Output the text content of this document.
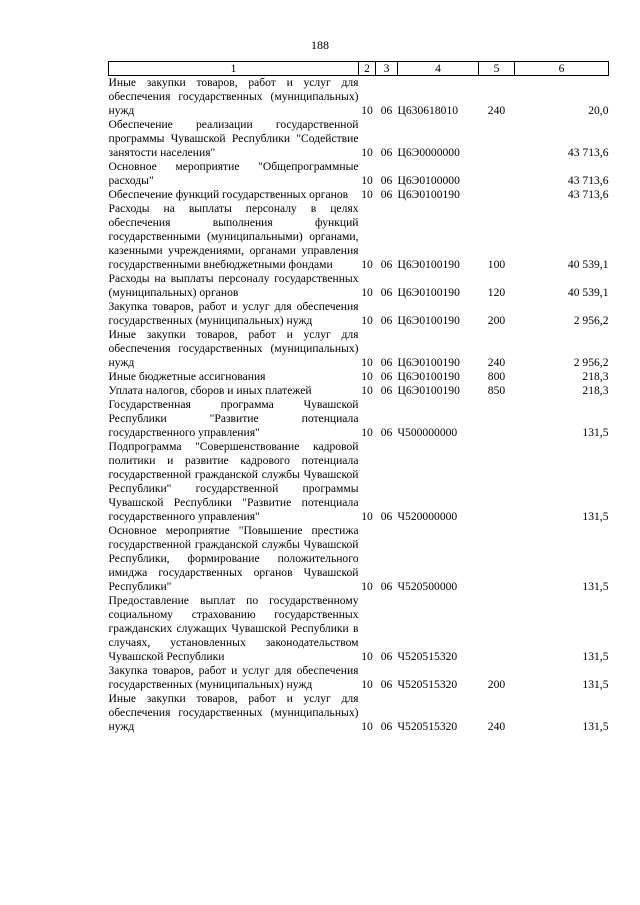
188
1	2	3	4	5	6
Иные закупки товаров, работ и услуг для обеспечения государственных (муниципальных) нужд	10	06	Ц630618010	240	20,0
Обеспечение реализации государственной программы Чувашской Республики "Содействие занятости населения"	10	06	Ц6Э0000000		43 713,6
Основное мероприятие "Общепрограммные расходы"	10	06	Ц6Э0100000		43 713,6
Обеспечение функций государственных органов	10	06	Ц6Э0100190		43 713,6
Расходы на выплаты персоналу в целях обеспечения выполнения функций государственными (муниципальными) органами, казенными учреждениями, органами управления государственными внебюджетными фондами	10	06	Ц6Э0100190	100	40 539,1
Расходы на выплаты персоналу государственных (муниципальных) органов	10	06	Ц6Э0100190	120	40 539,1
Закупка товаров, работ и услуг для обеспечения государственных (муниципальных) нужд	10	06	Ц6Э0100190	200	2 956,2
Иные закупки товаров, работ и услуг для обеспечения государственных (муниципальных) нужд	10	06	Ц6Э0100190	240	2 956,2
Иные бюджетные ассигнования	10	06	Ц6Э0100190	800	218,3
Уплата налогов, сборов и иных платежей	10	06	Ц6Э0100190	850	218,3
Государственная программа Чувашской Республики "Развитие потенциала государственного управления"	10	06	Ч500000000		131,5
Подпрограмма "Совершенствование кадровой политики и развитие кадрового потенциала государственной гражданской службы Чувашской Республики" государственной программы Чувашской Республики "Развитие потенциала государственного управления"	10	06	Ч520000000		131,5
Основное мероприятие "Повышение престижа государственной гражданской службы Чувашской Республики, формирование положительного имиджа государственных органов Чувашской Республики"	10	06	Ч520500000		131,5
Предоставление выплат по государственному социальному страхованию государственных гражданских служащих Чувашской Республики в случаях, установленных законодательством Чувашской Республики	10	06	Ч520515320		131,5
Закупка товаров, работ и услуг для обеспечения государственных (муниципальных) нужд	10	06	Ч520515320	200	131,5
Иные закупки товаров, работ и услуг для обеспечения государственных (муниципальных) нужд	10	06	Ч520515320	240	131,5
